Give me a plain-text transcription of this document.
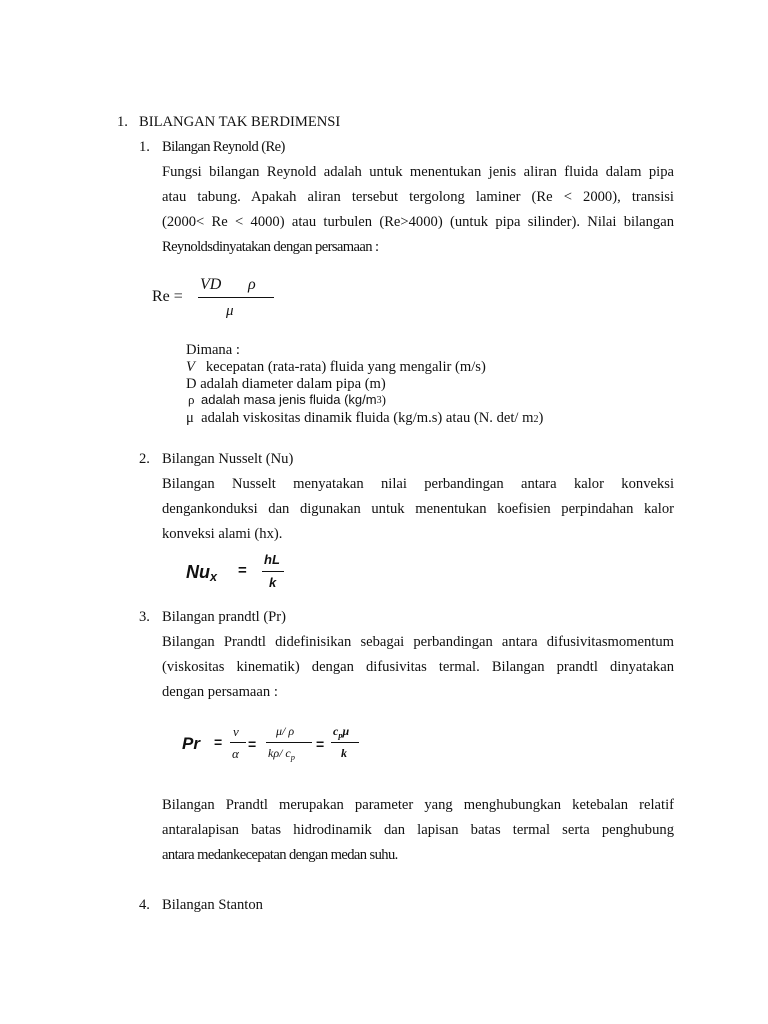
1. BILANGAN TAK BERDIMENSI
1. Bilangan Reynold (Re)
Fungsi bilangan Reynold adalah untuk menentukan jenis aliran fluida dalam pipa
atau tabung. Apakah aliran tersebut tergolong laminer (Re < 2000), transisi
(2000< Re < 4000) atau turbulen (Re>4000) (untuk pipa silinder). Nilai bilangan
Reynoldsdinyatakan dengan persamaan :
Re =
VD ρ
μ
Dimana :
V kecepatan (rata-rata) fluida yang mengalir (m/s)
D adalah diameter dalam pipa (m)
ρ adalah masa jenis fluida (kg/m3)
μ adalah viskositas dinamik fluida (kg/m.s) atau (N. det/ m2)
2. Bilangan Nusselt (Nu)
Bilangan Nusselt menyatakan nilai perbandingan antara kalor konveksi
dengankonduksi dan digunakan untuk menentukan koefisien perpindahan kalor
konveksi alami (hx).
$Nu_x$ =
hL
k
3. Bilangan prandtl (Pr)
Bilangan Prandtl didefinisikan sebagai perbandingan antara difusivitasmomentum
(viskositas kinematik) dengan difusivitas termal. Bilangan prandtl dinyatakan
dengan persamaan :
Pr =
ν
α
=
μ/ ρ
kρ/ $c_p$
=
$c_p\mu$
k
Bilangan Prandtl merupakan parameter yang menghubungkan ketebalan relatif
antaralapisan batas hidrodinamik dan lapisan batas termal serta penghubung
antara medankecepatan dengan medan suhu.
4. Bilangan Stanton
